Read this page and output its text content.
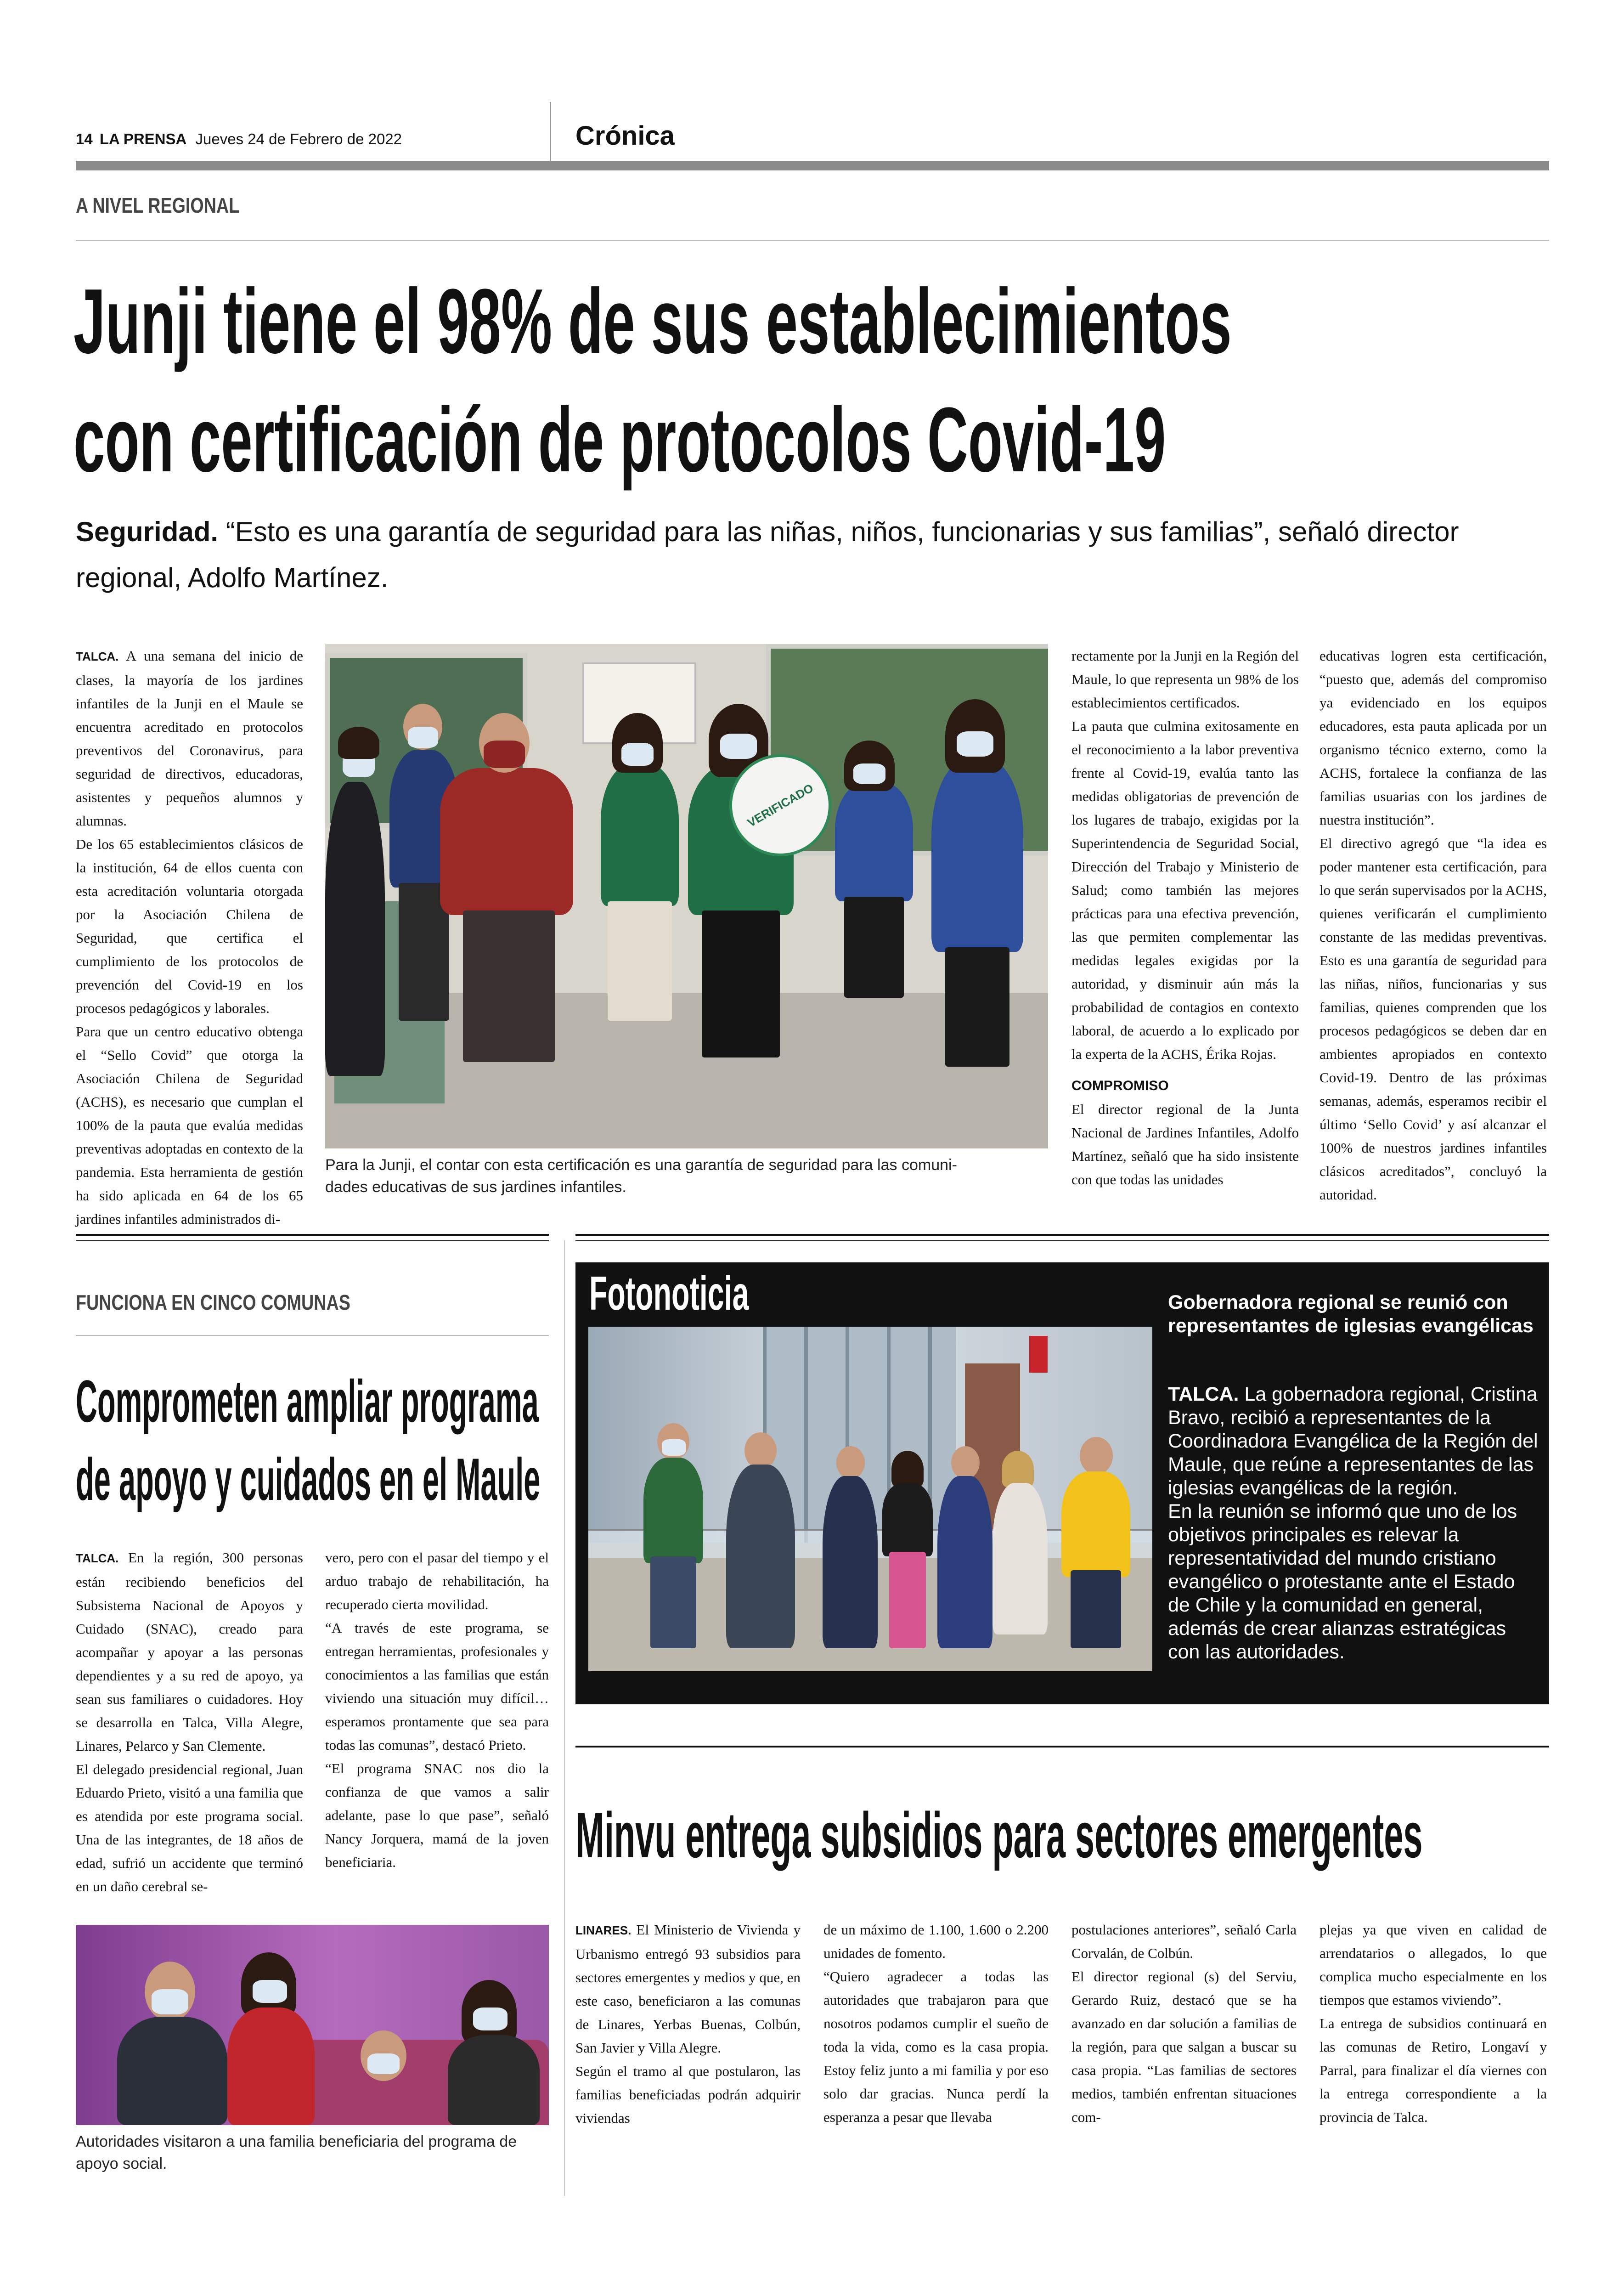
14 LA PRENSA Jueves 24 de Febrero de 2022	Crónica
A NIVEL REGIONAL
Junji tiene el 98% de sus establecimientos
con certificación de protocolos Covid-19
Seguridad. “Esto es una garantía de seguridad para las niñas, niños, funcionarias y sus familias”, señaló director
regional, Adolfo Martínez.

TALCA. A una semana del inicio de clases, la mayoría de los jardines infantiles de la Junji en el Maule se encuentra acreditado en protocolos preventivos del Coronavirus, para seguridad de directivos, educadoras, asistentes y pequeños alumnos y alumnas.

De los 65 establecimientos clásicos de la institución, 64 de ellos cuenta con esta acreditación voluntaria otorgada por la Asociación Chilena de Seguridad, que certifica el cumplimiento de los protocolos de prevención del Covid-19 en los procesos pedagógicos y laborales.

Para que un centro educativo obtenga el “Sello Covid” que otorga la Asociación Chilena de Seguridad (ACHS), es necesario que cumplan el 100% de la pauta que evalúa medidas preventivas adoptadas en contexto de la pandemia. Esta herramienta de gestión ha sido aplicada en 64 de los 65 jardines infantiles administrados di-

VERIFICADO
Para la Junji, el contar con esta certificación es una garantía de seguridad para las comuni-
dades educativas de sus jardines infantiles.

rectamente por la Junji en la Región del Maule, lo que representa un 98% de los establecimientos certificados.

La pauta que culmina exitosamente en el reconocimiento a la labor preventiva frente al Covid-19, evalúa tanto las medidas obligatorias de prevención de los lugares de trabajo, exigidas por la Superintendencia de Seguridad Social, Dirección del Trabajo y Ministerio de Salud; como también las mejores prácticas para una efectiva prevención, las que permiten complementar las medidas legales exigidas por la autoridad, y disminuir aún más la probabilidad de contagios en contexto laboral, de acuerdo a lo explicado por la experta de la ACHS, Érika Rojas.

COMPROMISO

El director regional de la Junta Nacional de Jardines Infantiles, Adolfo Martínez, señaló que ha sido insistente con que todas las unidades

educativas logren esta certificación, “puesto que, además del compromiso ya evidenciado en los equipos educadores, esta pauta aplicada por un organismo técnico externo, como la ACHS, fortalece la confianza de las familias usuarias con los jardines de nuestra institución”.

El directivo agregó que “la idea es poder mantener esta certificación, para lo que serán supervisados por la ACHS, quienes verificarán el cumplimiento constante de las medidas preventivas. Esto es una garantía de seguridad para las niñas, niños, funcionarias y sus familias, quienes comprenden que los procesos pedagógicos se deben dar en ambientes apropiados en contexto Covid-19. Dentro de las próximas semanas, además, esperamos recibir el último ‘Sello Covid’ y así alcanzar el 100% de nuestros jardines infantiles clásicos acreditados”, concluyó la autoridad.

FUNCIONA EN CINCO COMUNAS
Comprometen ampliar programa
de apoyo y cuidados en el Maule

TALCA. En la región, 300 personas están recibiendo beneficios del Subsistema Nacional de Apoyos y Cuidado (SNAC), creado para acompañar y apoyar a las personas dependientes y a su red de apoyo, ya sean sus familiares o cuidadores. Hoy se desarrolla en Talca, Villa Alegre, Linares, Pelarco y San Clemente.

El delegado presidencial regional, Juan Eduardo Prieto, visitó a una familia que es atendida por este programa social. Una de las integrantes, de 18 años de edad, sufrió un accidente que terminó en un daño cerebral se-

vero, pero con el pasar del tiempo y el arduo trabajo de rehabilitación, ha recuperado cierta movilidad.

“A través de este programa, se entregan herramientas, profesionales y conocimientos a las familias que están viviendo una situación muy difícil… esperamos prontamente que sea para todas las comunas”, destacó Prieto.

“El programa SNAC nos dio la confianza de que vamos a salir adelante, pase lo que pase”, señaló Nancy Jorquera, mamá de la joven beneficiaria.

Autoridades visitaron a una familia beneficiaria del programa de
apoyo social.
Fotonoticia	Gobernadora regional se reunió con representantes de iglesias evangélicas

TALCA. La gobernadora regional, Cristina Bravo, recibió a representantes de la Coordinadora Evangélica de la Región del Maule, que reúne a representantes de las iglesias evangélicas de la región.

En la reunión se informó que uno de los objetivos principales es relevar la representatividad del mundo cristiano evangélico o protestante ante el Estado de Chile y la comunidad en general, además de crear alianzas estratégicas con las autoridades.

Minvu entrega subsidios para sectores emergentes

LINARES. El Ministerio de Vivienda y Urbanismo entregó 93 subsidios para sectores emergentes y medios y que, en este caso, beneficiaron a las comunas de Linares, Yerbas Buenas, Colbún, San Javier y Villa Alegre.

Según el tramo al que postularon, las familias beneficiadas podrán adquirir viviendas

de un máximo de 1.100, 1.600 o 2.200 unidades de fomento.

“Quiero agradecer a todas las autoridades que trabajaron para que nosotros podamos cumplir el sueño de toda la vida, como es la casa propia. Estoy feliz junto a mi familia y por eso solo dar gracias. Nunca perdí la esperanza a pesar que llevaba

postulaciones anteriores”, señaló Carla Corvalán, de Colbún.

El director regional (s) del Serviu, Gerardo Ruiz, destacó que se ha avanzado en dar solución a familias de la región, para que salgan a buscar su casa propia. “Las familias de sectores medios, también enfrentan situaciones com-

plejas ya que viven en calidad de arrendatarios o allegados, lo que complica mucho especialmente en los tiempos que estamos viviendo”.

La entrega de subsidios continuará en las comunas de Retiro, Longaví y Parral, para finalizar el día viernes con la entrega correspondiente a la provincia de Talca.
